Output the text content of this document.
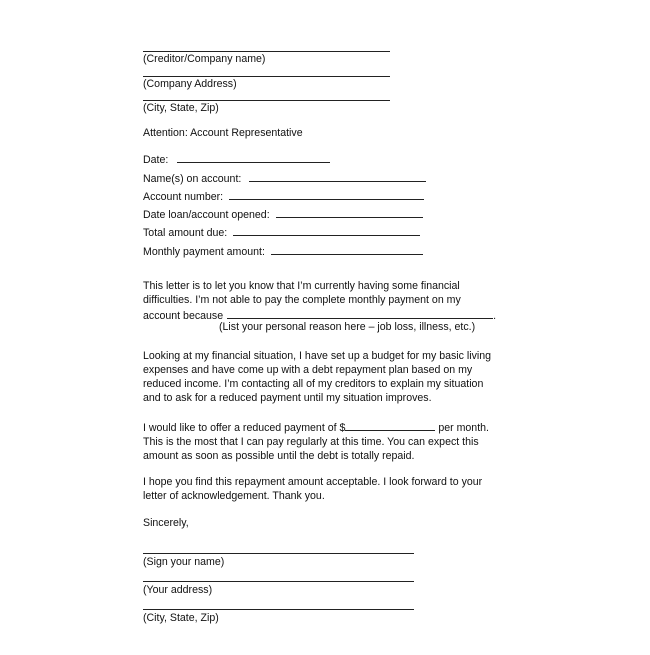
(Creditor/Company name)
(Company Address)
(City, State, Zip)
Attention: Account Representative
Date:
Name(s) on account:
Account number:
Date loan/account opened:
Total amount due:
Monthly payment amount:
This letter is to let you know that I’m currently having some financial
difficulties. I’m not able to pay the complete monthly payment on my
account because	.
(List your personal reason here – job loss, illness, etc.)
Looking at my financial situation, I have set up a budget for my basic living
expenses and have come up with a debt repayment plan based on my
reduced income. I’m contacting all of my creditors to explain my situation
and to ask for a reduced payment until my situation improves.
I would like to offer a reduced payment of $	per month.
This is the most that I can pay regularly at this time. You can expect this
amount as soon as possible until the debt is totally repaid.
I hope you find this repayment amount acceptable. I look forward to your
letter of acknowledgement. Thank you.
Sincerely,
(Sign your name)
(Your address)
(City, State, Zip)
